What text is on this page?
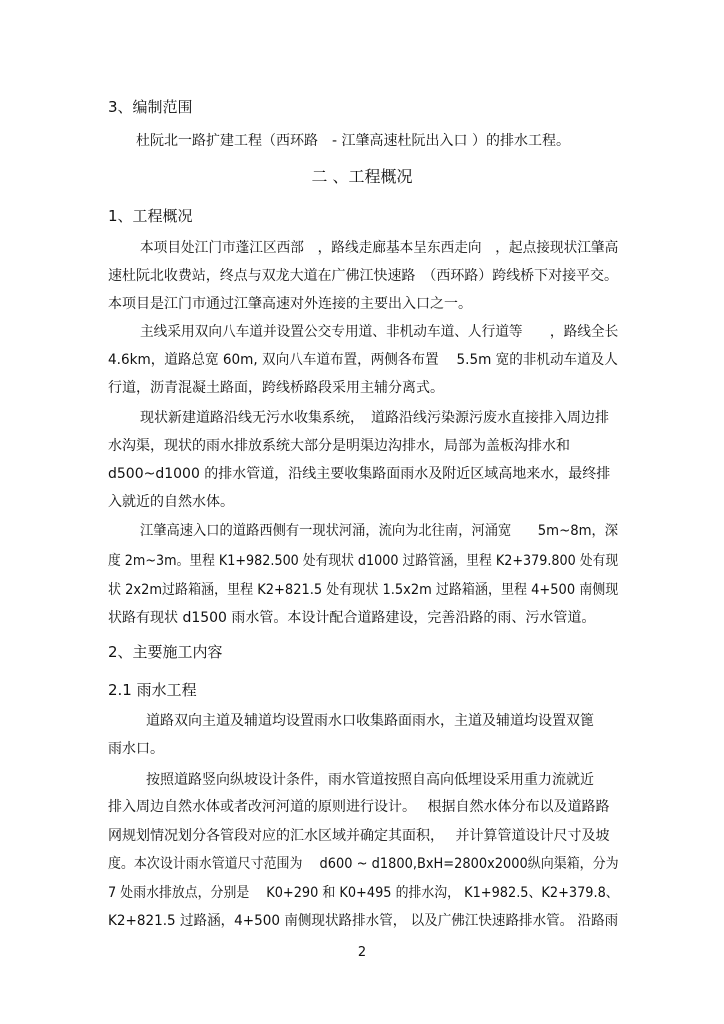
3、编制范围
杜阮北一路扩建工程（西环路　- 江肇高速杜阮出入口 ）的排水工程。
二 、工程概况
1、工程概况
本项目处江门市蓬江区西部　，路线走廊基本呈东西走向　，起点接现状江肇高
速杜阮北收费站，终点与双龙大道在广佛江快速路　（西环路）跨线桥下对接平交。
本项目是江门市通过江肇高速对外连接的主要出入口之一。
主线采用双向八车道并设置公交专用道、非机动车道、人行道等　　，路线全长
4.6km，道路总宽 60m, 双向八车道布置，两侧各布置　 5.5m 宽的非机动车道及人
行道，沥青混凝土路面，跨线桥路段采用主辅分离式。
现状新建道路沿线无污水收集系统，　道路沿线污染源污废水直接排入周边排
水沟渠，现状的雨水排放系统大部分是明渠边沟排水，局部为盖板沟排水和
d500~d1000 的排水管道，沿线主要收集路面雨水及附近区域高地来水，最终排
入就近的自然水体。
江肇高速入口的道路西侧有一现状河涌，流向为北往南，河涌宽　　5m~8m，深
度 2m~3m。里程 K1+982.500 处有现状 d1000 过路管涵，里程 K2+379.800 处有现
状 2x2m过路箱涵，里程 K2+821.5 处有现状 1.5x2m 过路箱涵，里程 4+500 南侧现
状路有现状 d1500 雨水管。本设计配合道路建设，完善沿路的雨、污水管道。
2、主要施工内容
2.1 雨水工程
道路双向主道及辅道均设置雨水口收集路面雨水，主道及辅道均设置双篦
雨水口。
按照道路竖向纵坡设计条件，雨水管道按照自高向低埋设采用重力流就近
排入周边自然水体或者改河河道的原则进行设计。　 根据自然水体分布以及道路路
网规划情况划分各管段对应的汇水区域并确定其面积，　 并计算管道设计尺寸及坡
度。本次设计雨水管道尺寸范围为　 d600 ~ d1800,BxH=2800x2000纵向渠箱，分为
7 处雨水排放点，分别是　 K0+290 和 K0+495 的排水沟， K1+982.5、K2+379.8、
K2+821.5 过路涵，4+500 南侧现状路排水管， 以及广佛江快速路排水管。 沿路雨
2
